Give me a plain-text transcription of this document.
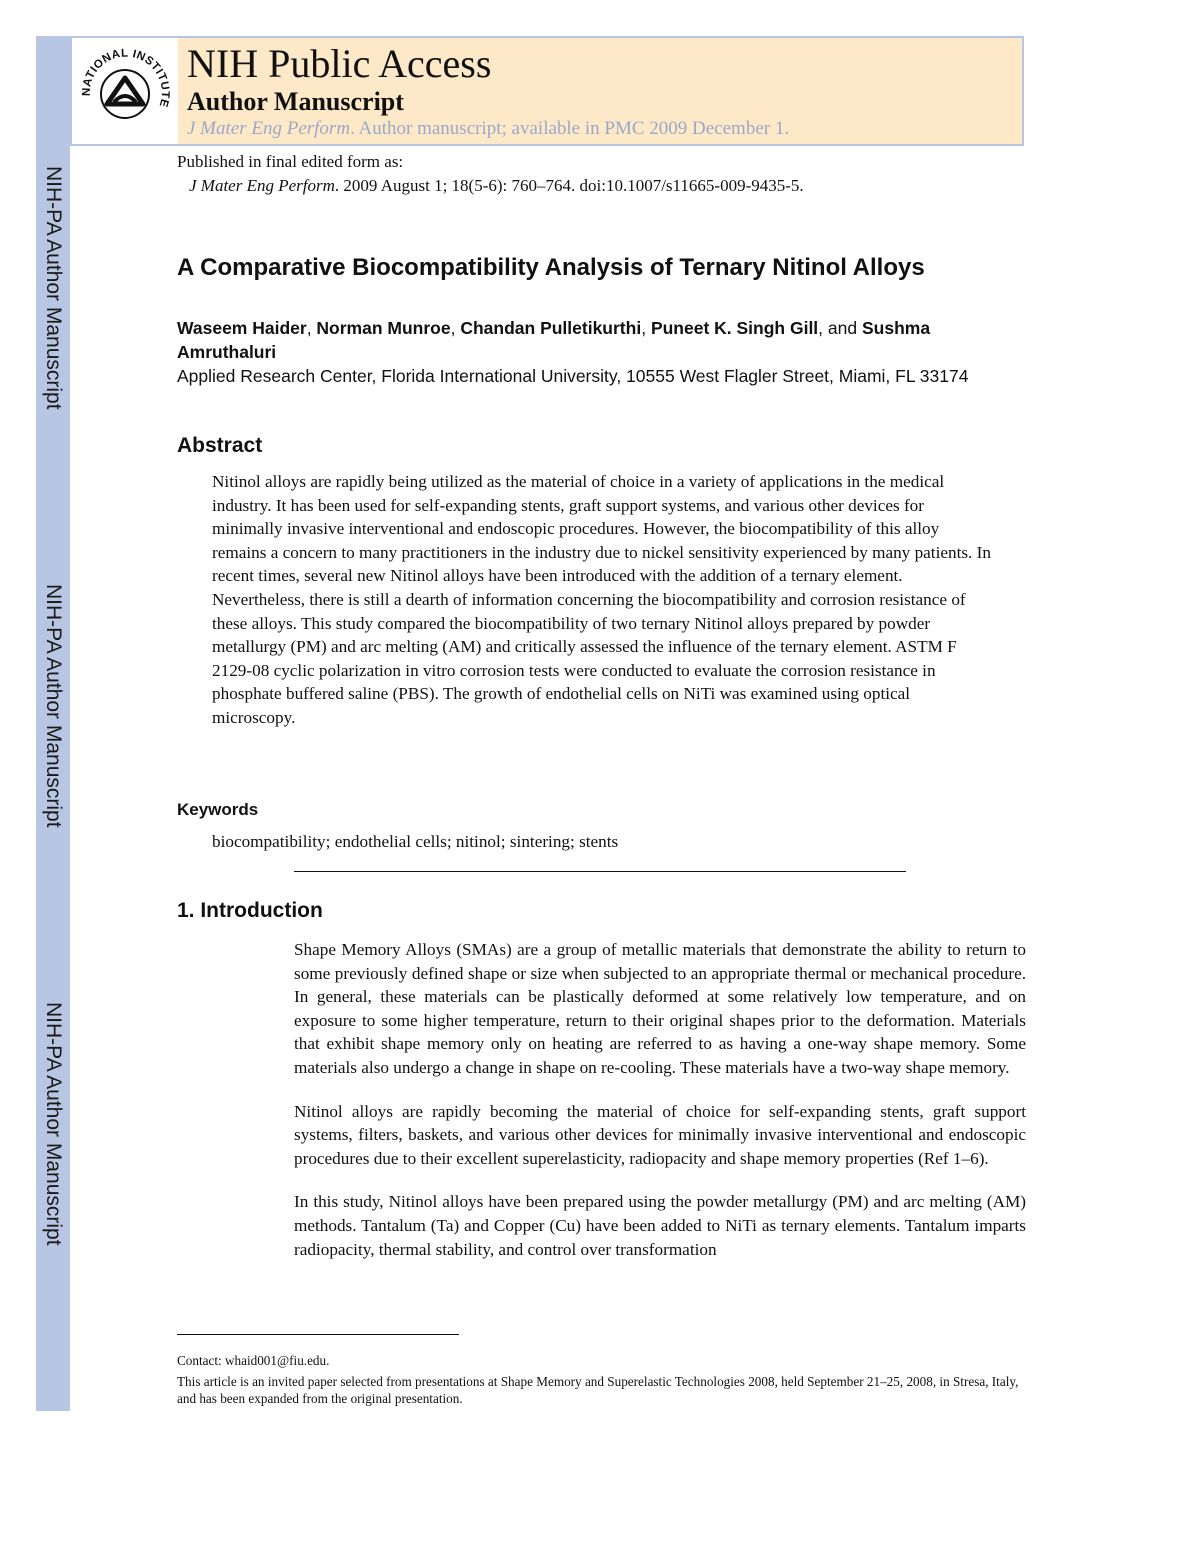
NIH-PA Author Manuscript
NIH-PA Author Manuscript
NIH-PA Author Manuscript
NATIONAL INSTITUTE
NIH Public Access
Author Manuscript
J Mater Eng Perform. Author manuscript; available in PMC 2009 December 1.
Published in final edited form as:
J Mater Eng Perform. 2009 August 1; 18(5-6): 760–764. doi:10.1007/s11665-009-9435-5.
A Comparative Biocompatibility Analysis of Ternary Nitinol Alloys
Waseem Haider, Norman Munroe, Chandan Pulletikurthi, Puneet K. Singh Gill, and Sushma Amruthaluri
Applied Research Center, Florida International University, 10555 West Flagler Street, Miami, FL 33174
Abstract
Nitinol alloys are rapidly being utilized as the material of choice in a variety of applications in the medical industry. It has been used for self-expanding stents, graft support systems, and various other devices for minimally invasive interventional and endoscopic procedures. However, the biocompatibility of this alloy remains a concern to many practitioners in the industry due to nickel sensitivity experienced by many patients. In recent times, several new Nitinol alloys have been introduced with the addition of a ternary element. Nevertheless, there is still a dearth of information concerning the biocompatibility and corrosion resistance of these alloys. This study compared the biocompatibility of two ternary Nitinol alloys prepared by powder metallurgy (PM) and arc melting (AM) and critically assessed the influence of the ternary element. ASTM F 2129-08 cyclic polarization in vitro corrosion tests were conducted to evaluate the corrosion resistance in phosphate buffered saline (PBS). The growth of endothelial cells on NiTi was examined using optical microscopy.
Keywords
biocompatibility; endothelial cells; nitinol; sintering; stents
1. Introduction

Shape Memory Alloys (SMAs) are a group of metallic materials that demonstrate the ability to return to some previously defined shape or size when subjected to an appropriate thermal or mechanical procedure. In general, these materials can be plastically deformed at some relatively low temperature, and on exposure to some higher temperature, return to their original shapes prior to the deformation. Materials that exhibit shape memory only on heating are referred to as having a one-way shape memory. Some materials also undergo a change in shape on re-cooling. These materials have a two-way shape memory.

Nitinol alloys are rapidly becoming the material of choice for self-expanding stents, graft support systems, filters, baskets, and various other devices for minimally invasive interventional and endoscopic procedures due to their excellent superelasticity, radiopacity and shape memory properties (Ref 1–6).

In this study, Nitinol alloys have been prepared using the powder metallurgy (PM) and arc melting (AM) methods. Tantalum (Ta) and Copper (Cu) have been added to NiTi as ternary elements. Tantalum imparts radiopacity, thermal stability, and control over transformation

Contact: whaid001@fiu.edu.

This article is an invited paper selected from presentations at Shape Memory and Superelastic Technologies 2008, held September 21–25, 2008, in Stresa, Italy, and has been expanded from the original presentation.
